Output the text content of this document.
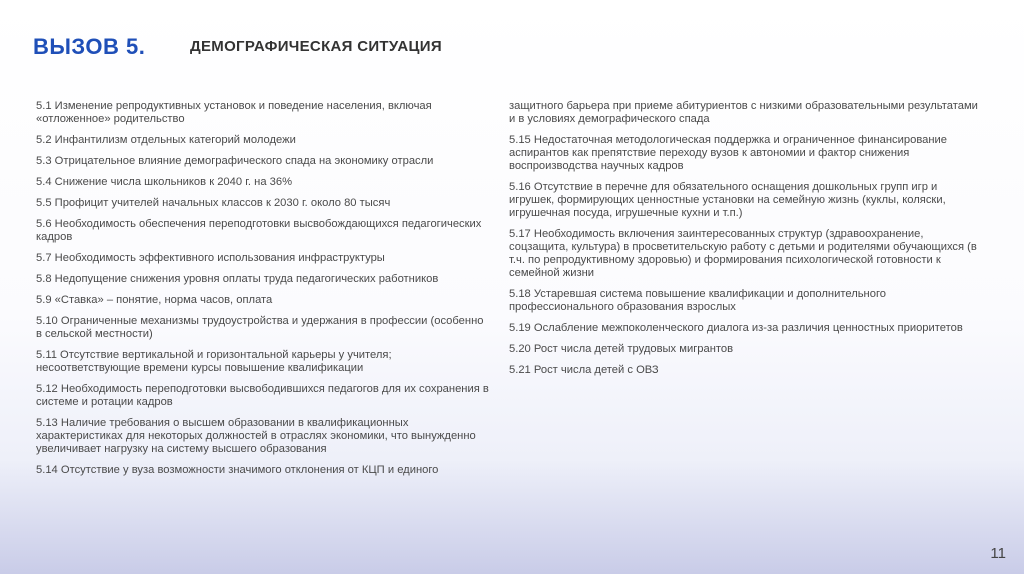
ВЫЗОВ 5.	ДЕМОГРАФИЧЕСКАЯ СИТУАЦИЯ
5.1 Изменение репродуктивных установок и поведение населения, включая «отложенное» родительство
5.2 Инфантилизм отдельных категорий молодежи
5.3 Отрицательное влияние демографического спада на экономику отрасли
5.4 Снижение числа школьников к 2040 г. на 36%
5.5 Профицит учителей начальных классов к 2030 г. около 80 тысяч
5.6 Необходимость обеспечения переподготовки высвобождающихся педагогических кадров
5.7 Необходимость эффективного использования инфраструктуры
5.8 Недопущение снижения уровня оплаты труда педагогических работников
5.9 «Ставка» – понятие, норма часов, оплата
5.10 Ограниченные механизмы трудоустройства и удержания в профессии (особенно в сельской местности)
5.11 Отсутствие вертикальной и горизонтальной карьеры у учителя; несоответствующие времени курсы повышение квалификации
5.12 Необходимость переподготовки высвободившихся педагогов для их сохранения в системе и ротации кадров
5.13 Наличие требования о высшем образовании в квалификационных характеристиках для некоторых должностей в отраслях экономики, что вынужденно увеличивает нагрузку на систему высшего образования
5.14 Отсутствие у вуза возможности значимого отклонения от КЦП и единого
защитного барьера при приеме абитуриентов с низкими образовательными результатами и в условиях демографического спада
5.15 Недостаточная методологическая поддержка и ограниченное финансирование аспирантов как препятствие переходу вузов к автономии и фактор снижения воспроизводства научных кадров
5.16 Отсутствие в перечне для обязательного оснащения дошкольных групп игр и игрушек, формирующих ценностные установки на семейную жизнь (куклы, коляски, игрушечная посуда, игрушечные кухни и т.п.)
5.17 Необходимость включения заинтересованных структур (здравоохранение, соцзащита, культура) в просветительскую работу с детьми и родителями обучающихся (в т.ч. по репродуктивному здоровью) и формирования психологической готовности к семейной жизни
5.18 Устаревшая система повышение квалификации и дополнительного профессионального образования взрослых
5.19 Ослабление межпоколенческого диалога из-за различия ценностных приоритетов
5.20 Рост числа детей трудовых мигрантов
5.21 Рост числа детей с ОВЗ
11
